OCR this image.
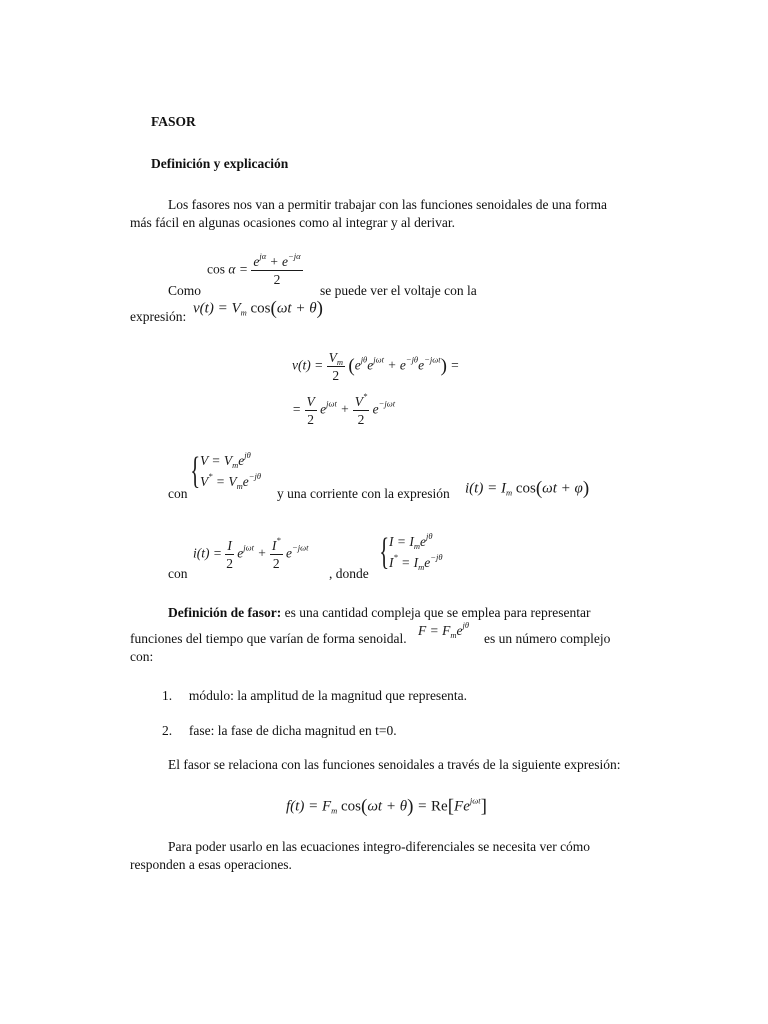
FASOR
Definición y explicación
Los fasores nos van a permitir trabajar con las funciones senoidales de una forma
más fácil en algunas ocasiones como al integrar y al derivar.
$\cos \alpha = \frac{e^{j\alpha} + e^{-j\alpha}}{2}$
Como	se puede ver el voltaje con la
expresión:
$v(t) = V_m$ cos(ωt + θ)
$v(t) = \frac{V_m}{2} (e^{j\theta}e^{j\omega t} + e^{-j\theta}e^{-j\omega t})$ =
= $\frac{V}{2} e^{j\omega t} + \frac{V^*}{2} e^{-j\omega t}$
{ $V = V_me^{j\theta}$
$V^* = V_me^{-j\theta}$
con	y una corriente con la expresión $i(t) = I_m$ cos(ωt + φ)
con
$i(t) = \frac{I}{2} e^{j\omega t} + \frac{I^*}{2} e^{-j\omega t}$
, donde
{ $I = I_me^{j\theta}$
$I^* = I_me^{-j\theta}$
Definición de fasor: es una cantidad compleja que se emplea para representar
funciones del tiempo que varían de forma senoidal.
$F = F_me^{j\theta}$
es un número complejo
con:
1. módulo: la amplitud de la magnitud que representa.
2. fase: la fase de dicha magnitud en t=0.
El fasor se relaciona con las funciones senoidales a través de la siguiente expresión:
$f(t) = F_m$ $\cos(\omega t + \theta) = Re[Fe^{j\omega t}]$
Para poder usarlo en las ecuaciones integro-diferenciales se necesita ver cómo
responden a esas operaciones.
